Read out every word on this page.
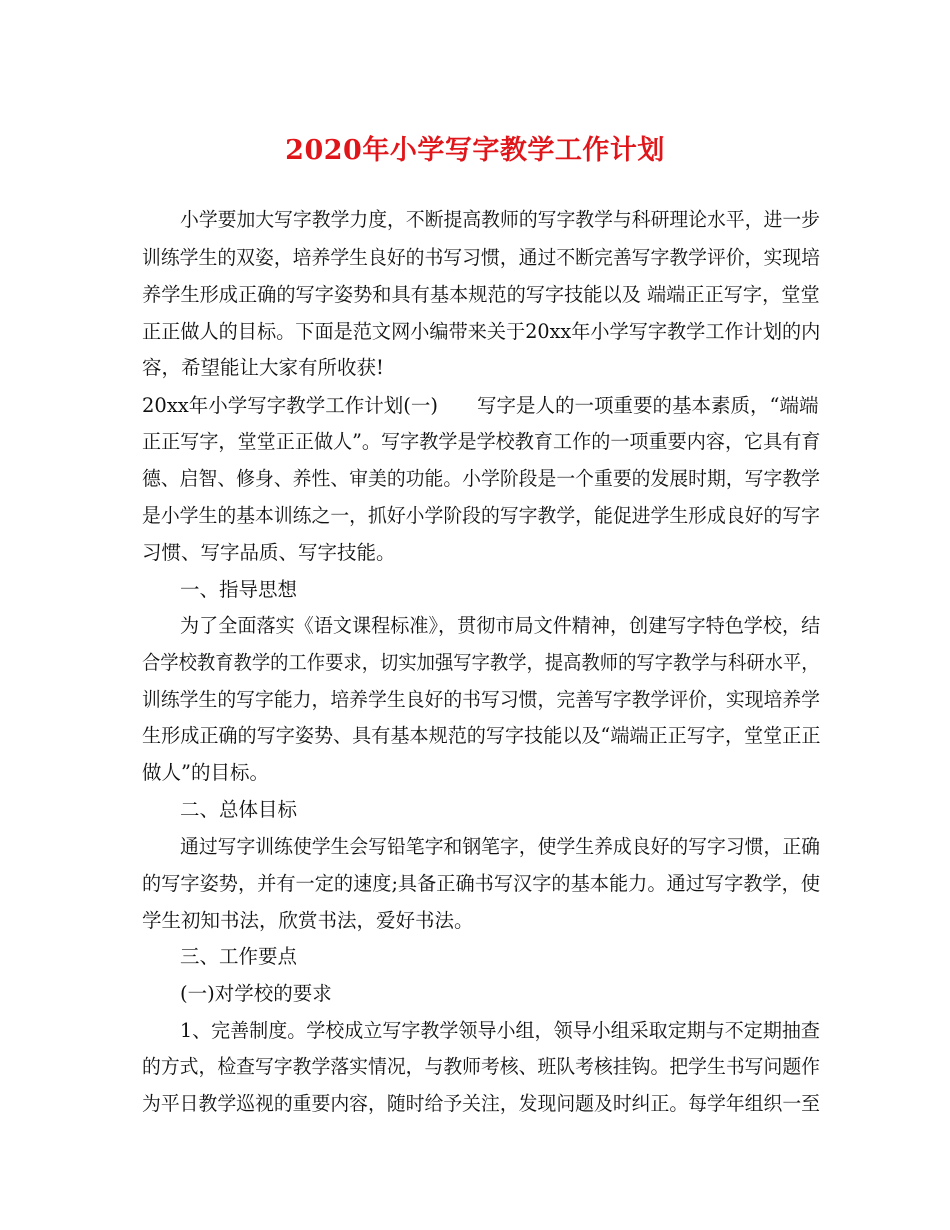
2020年小学写字教学工作计划
小学要加大写字教学力度，不断提高教师的写字教学与科研理论水平，进一步
训练学生的双姿，培养学生良好的书写习惯，通过不断完善写字教学评价，实现培
养学生形成正确的写字姿势和具有基本规范的写字技能以及 端端正正写字，堂堂
正正做人的目标。下面是范文网小编带来关于20xx年小学写字教学工作计划的内
容，希望能让大家有所收获!
20xx年小学写字教学工作计划(一)　　写字是人的一项重要的基本素质，“端端
正正写字，堂堂正正做人”。写字教学是学校教育工作的一项重要内容，它具有育
德、启智、修身、养性、审美的功能。小学阶段是一个重要的发展时期，写字教学
是小学生的基本训练之一，抓好小学阶段的写字教学，能促进学生形成良好的写字
习惯、写字品质、写字技能。
一、指导思想
为了全面落实《语文课程标准》，贯彻市局文件精神，创建写字特色学校，结
合学校教育教学的工作要求，切实加强写字教学，提高教师的写字教学与科研水平，
训练学生的写字能力，培养学生良好的书写习惯，完善写字教学评价，实现培养学
生形成正确的写字姿势、具有基本规范的写字技能以及“端端正正写字，堂堂正正
做人”的目标。
二、总体目标
通过写字训练使学生会写铅笔字和钢笔字，使学生养成良好的写字习惯，正确
的写字姿势，并有一定的速度;具备正确书写汉字的基本能力。通过写字教学，使
学生初知书法，欣赏书法，爱好书法。
三、工作要点
(一)对学校的要求
1、完善制度。学校成立写字教学领导小组，领导小组采取定期与不定期抽查
的方式，检查写字教学落实情况，与教师考核、班队考核挂钩。把学生书写问题作
为平日教学巡视的重要内容，随时给予关注，发现问题及时纠正。每学年组织一至
